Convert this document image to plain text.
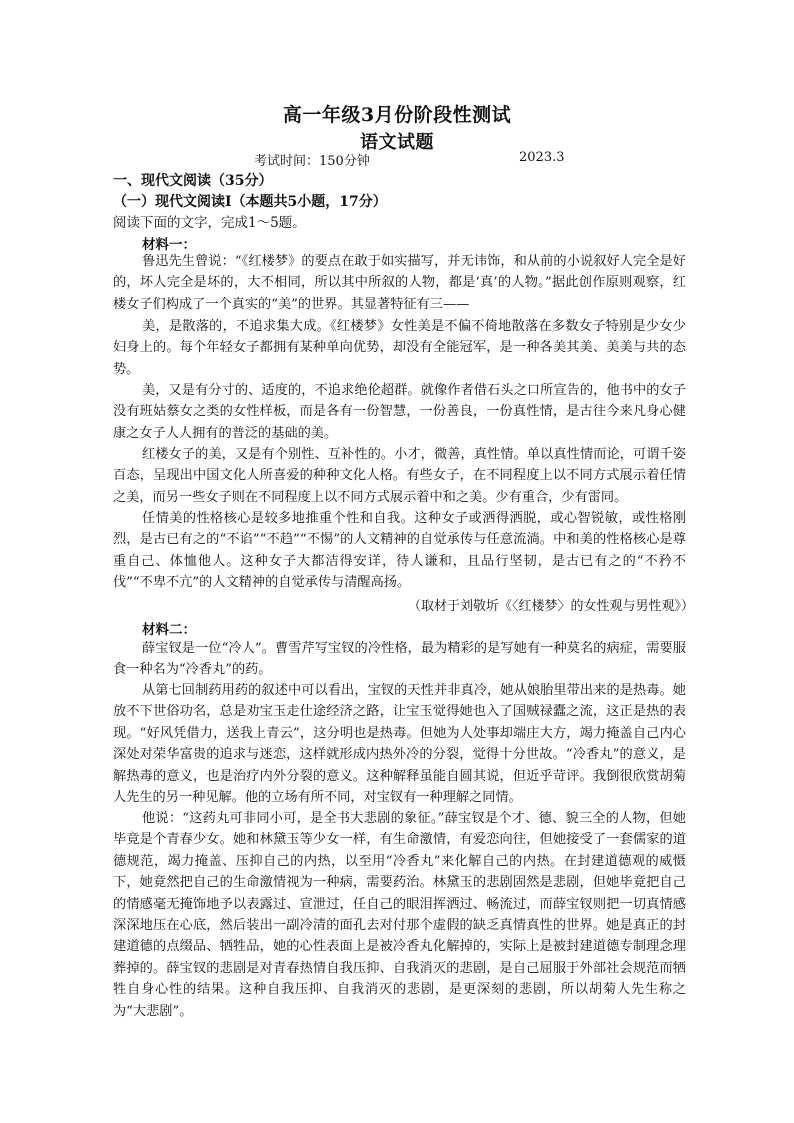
高一年级3月份阶段性测试
语文试题
考试时间：150分钟	2023.3
一、现代文阅读（35分）
（一）现代文阅读Ⅰ（本题共5小题，17分）
阅读下面的文字，完成1～5题。
材料一：

鲁迅先生曾说：“《红楼梦》的要点在敢于如实描写，并无讳饰，和从前的小说叙好人完全是好的，坏人完全是坏的，大不相同，所以其中所叙的人物，都是‘真’的人物。”据此创作原则观察，红楼女子们构成了一个真实的“美”的世界。其显著特征有三——

美，是散落的，不追求集大成。《红楼梦》女性美是不偏不倚地散落在多数女子特别是少女少妇身上的。每个年轻女子都拥有某种单向优势，却没有全能冠军，是一种各美其美、美美与共的态势。

美，又是有分寸的、适度的，不追求绝伦超群。就像作者借石头之口所宣告的，他书中的女子没有班姑蔡女之类的女性样板，而是各有一份智慧，一份善良，一份真性情，是古往今来凡身心健康之女子人人拥有的普泛的基础的美。

红楼女子的美，又是有个别性、互补性的。小才，微善，真性情。单以真性情而论，可谓千姿百态，呈现出中国文化人所喜爱的种种文化人格。有些女子，在不同程度上以不同方式展示着任情之美，而另一些女子则在不同程度上以不同方式展示着中和之美。少有重合，少有雷同。

任情美的性格核心是较多地推重个性和自我。这种女子或洒得洒脱，或心智锐敏，或性格刚烈，是古已有之的“不谄”“不趋”“不惕”的人文精神的自觉承传与任意流淌。中和美的性格核心是尊重自己、体恤他人。这种女子大都洁得安详，待人谦和，且品行坚韧，是古已有之的“不矜不伐”“不卑不亢”的人文精神的自觉承传与清醒高扬。

（取材于刘敬圻《〈红楼梦〉的女性观与男性观》）
材料二：

薛宝钗是一位“冷人”。曹雪芹写宝钗的冷性格，最为精彩的是写她有一种莫名的病症，需要服食一种名为“冷香丸”的药。

从第七回制药用药的叙述中可以看出，宝钗的天性并非真冷，她从娘胎里带出来的是热毒。她放不下世俗功名，总是劝宝玉走仕途经济之路，让宝玉觉得她也入了国贼禄蠹之流，这正是热的表现。“好风凭借力，送我上青云”，这分明也是热毒。但她为人处事却端庄大方，竭力掩盖自己内心深处对荣华富贵的追求与迷恋，这样就形成内热外冷的分裂，觉得十分世故。“冷香丸”的意义，是解热毒的意义，也是治疗内外分裂的意义。这种解释虽能自圆其说，但近乎苛评。我倒很欣赏胡菊人先生的另一种见解。他的立场有所不同，对宝钗有一种理解之同情。

他说：“这药丸可非同小可，是全书大悲剧的象征。”薛宝钗是个才、德、貌三全的人物，但她毕竟是个青春少女。她和林黛玉等少女一样，有生命激情，有爱恋向往，但她接受了一套儒家的道德规范，竭力掩盖、压抑自己的内热，以至用“冷香丸”来化解自己的内热。在封建道德观的威慑下，她竟然把自己的生命激情视为一种病，需要药治。林黛玉的悲剧固然是悲剧，但她毕竟把自己的情感毫无掩饰地予以表露过、宣泄过，任自己的眼泪挥洒过、畅流过，而薛宝钗则把一切真情感深深地压在心底，然后装出一副冷清的面孔去对付那个虚假的缺乏真情真性的世界。她是真正的封建道德的点缀品、牺牲品，她的心性表面上是被冷香丸化解掉的，实际上是被封建道德专制理念理葬掉的。薛宝钗的悲剧是对青春热情自我压抑、自我消灭的悲剧，是自己屈服于外部社会规范而牺牲自身心性的结果。这种自我压抑、自我消灭的悲剧，是更深刻的悲剧，所以胡菊人先生称之为“大悲剧”。
